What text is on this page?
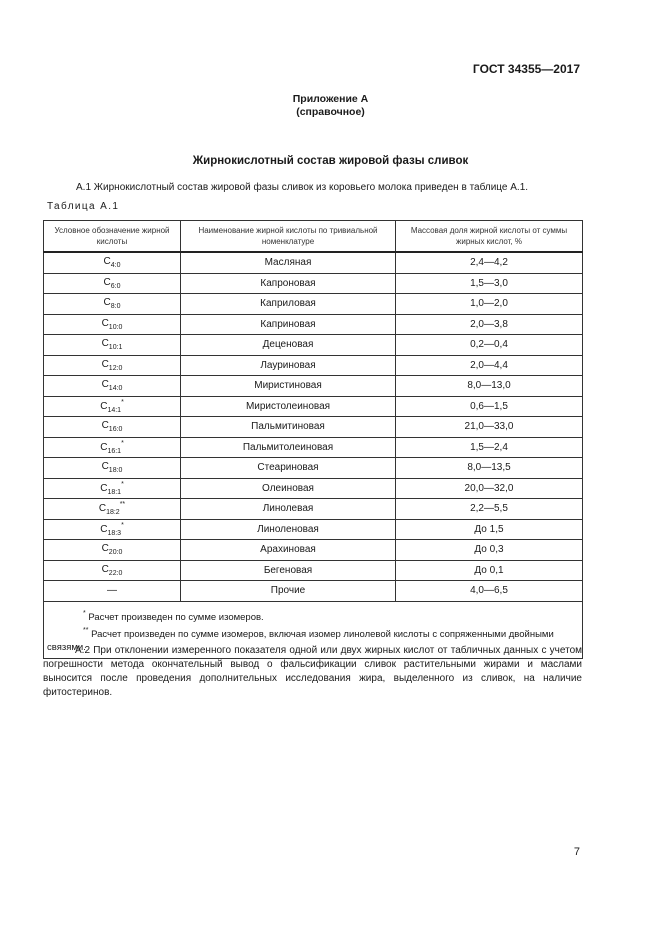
ГОСТ 34355—2017
Приложение А
(справочное)
Жирнокислотный состав жировой фазы сливок
А.1 Жирнокислотный состав жировой фазы сливок из коровьего молока приведен в таблице А.1.
Таблица А.1
Условное обозначение жирной кислоты	Наименование жирной кислоты по тривиальной номенклатуре	Массовая доля жирной кислоты от суммы жирных кислот, %
$C_{4:0}$	Масляная	2,4—4,2
$C_{6:0}$	Капроновая	1,5—3,0
$C_{8:0}$	Каприловая	1,0—2,0
$C_{10:0}$	Каприновая	2,0—3,8
$C_{10:1}$	Деценовая	0,2—0,4
$C_{12:0}$	Лауриновая	2,0—4,4
$C_{14:0}$	Миристиновая	8,0—13,0
$C_{14:1}^*$	Миристолеиновая	0,6—1,5
$C_{16:0}$	Пальмитиновая	21,0—33,0
$C_{16:1}^*$	Пальмитолеиновая	1,5—2,4
$C_{18:0}$	Стеариновая	8,0—13,5
$C_{18:1}^*$	Олеиновая	20,0—32,0
$C_{18:2}^{**}$	Линолевая	2,2—5,5
$C_{18:3}^*$	Линоленовая	До 1,5
$C_{20:0}$	Арахиновая	До 0,3
$C_{22:0}$	Бегеновая	До 0,1
—	Прочие	4,0—6,5

* Расчет произведен по сумме изомеров.
** Расчет произведен по сумме изомеров, включая изомер линолевой кислоты с сопряженными двойными связями.		
А.2 При отклонении измеренного показателя одной или двух жирных кислот от табличных данных с учетом погрешности метода окончательный вывод о фальсификации сливок растительными жирами и маслами выносится после проведения дополнительных исследования жира, выделенного из сливок, на наличие фитостеринов.
7
